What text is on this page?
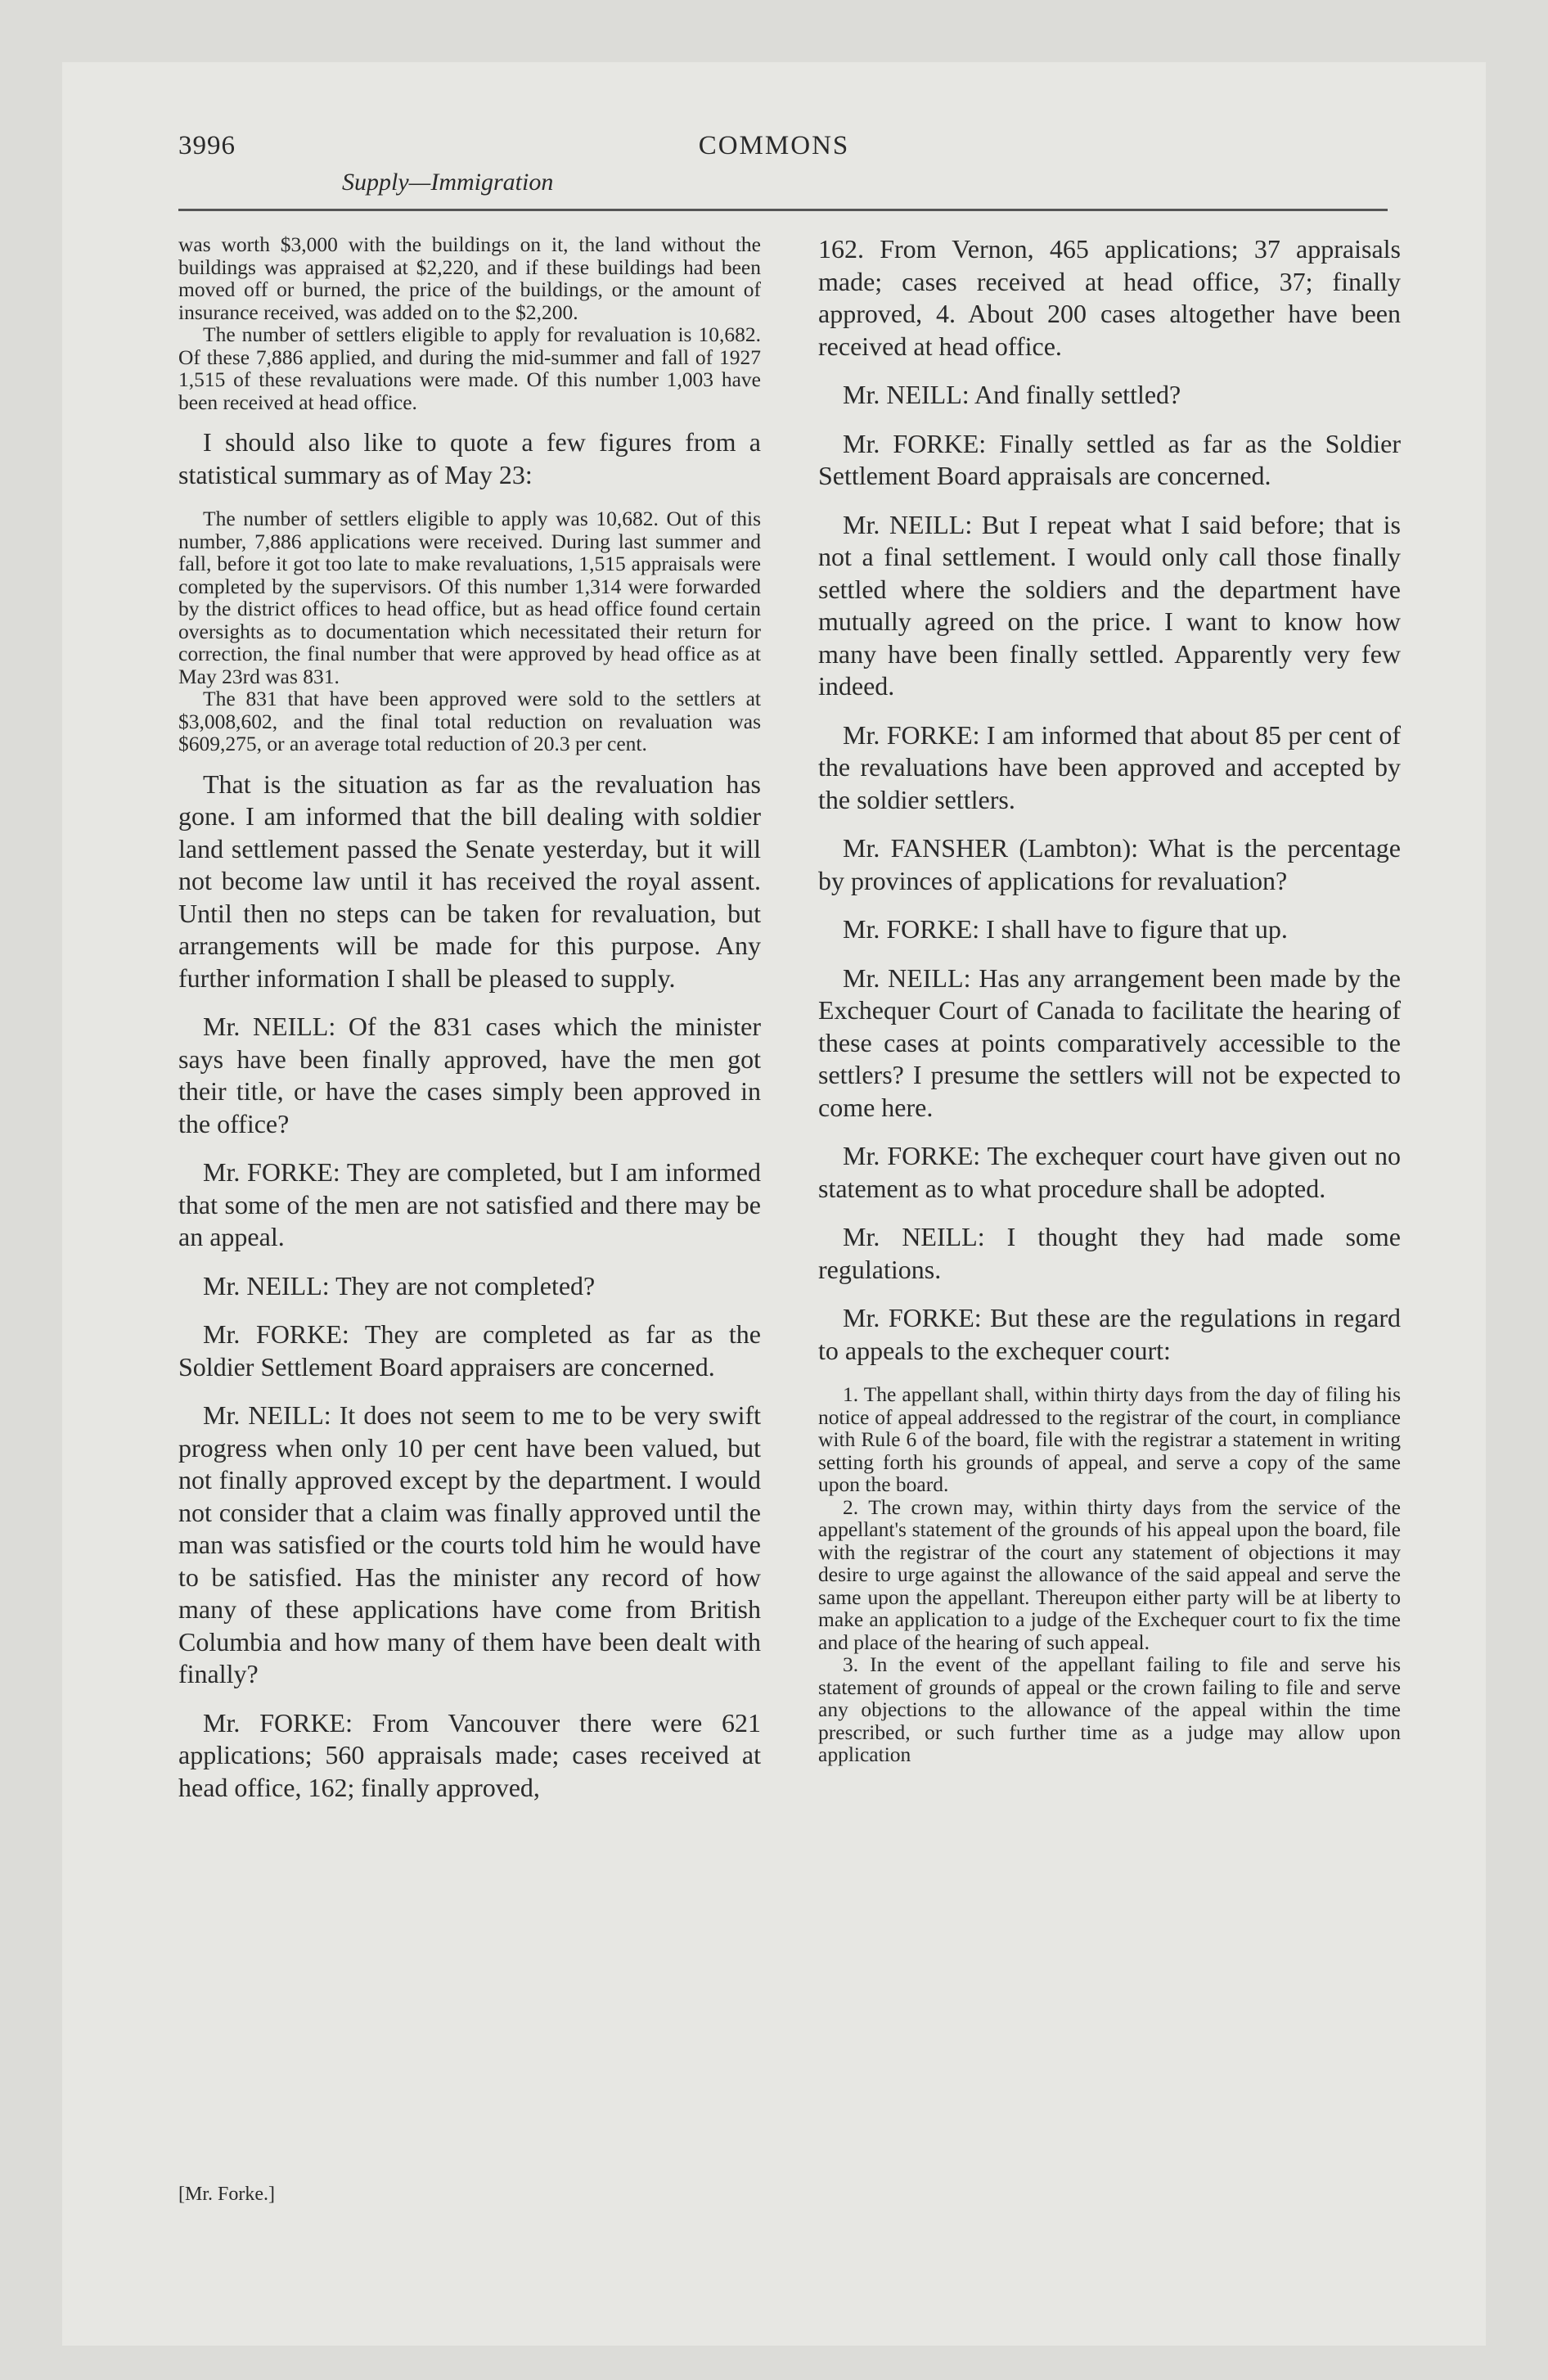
3996	COMMONS
Supply—Immigration

was worth $3,000 with the buildings on it, the land without the buildings was appraised at $2,220, and if these buildings had been moved off or burned, the price of the buildings, or the amount of insurance received, was added on to the $2,200.

The number of settlers eligible to apply for revaluation is 10,682. Of these 7,886 applied, and during the mid-summer and fall of 1927 1,515 of these revaluations were made. Of this number 1,003 have been received at head office.

I should also like to quote a few figures from a statistical summary as of May 23:

The number of settlers eligible to apply was 10,682. Out of this number, 7,886 applications were received. During last summer and fall, before it got too late to make revaluations, 1,515 appraisals were completed by the supervisors. Of this number 1,314 were forwarded by the district offices to head office, but as head office found certain oversights as to documentation which necessitated their return for correction, the final number that were approved by head office as at May 23rd was 831.

The 831 that have been approved were sold to the settlers at $3,008,602, and the final total reduction on revaluation was $609,275, or an average total reduction of 20.3 per cent.

That is the situation as far as the revaluation has gone. I am informed that the bill dealing with soldier land settlement passed the Senate yesterday, but it will not become law until it has received the royal assent. Until then no steps can be taken for revaluation, but arrangements will be made for this purpose. Any further information I shall be pleased to supply.

Mr. NEILL: Of the 831 cases which the minister says have been finally approved, have the men got their title, or have the cases simply been approved in the office?

Mr. FORKE: They are completed, but I am informed that some of the men are not satisfied and there may be an appeal.

Mr. NEILL: They are not completed?

Mr. FORKE: They are completed as far as the Soldier Settlement Board appraisers are concerned.

Mr. NEILL: It does not seem to me to be very swift progress when only 10 per cent have been valued, but not finally approved except by the department. I would not consider that a claim was finally approved until the man was satisfied or the courts told him he would have to be satisfied. Has the minister any record of how many of these applications have come from British Columbia and how many of them have been dealt with finally?

Mr. FORKE: From Vancouver there were 621 applications; 560 appraisals made; cases received at head office, 162; finally approved,

162. From Vernon, 465 applications; 37 appraisals made; cases received at head office, 37; finally approved, 4. About 200 cases altogether have been received at head office.

Mr. NEILL: And finally settled?

Mr. FORKE: Finally settled as far as the Soldier Settlement Board appraisals are concerned.

Mr. NEILL: But I repeat what I said before; that is not a final settlement. I would only call those finally settled where the soldiers and the department have mutually agreed on the price. I want to know how many have been finally settled. Apparently very few indeed.

Mr. FORKE: I am informed that about 85 per cent of the revaluations have been approved and accepted by the soldier settlers.

Mr. FANSHER (Lambton): What is the percentage by provinces of applications for revaluation?

Mr. FORKE: I shall have to figure that up.

Mr. NEILL: Has any arrangement been made by the Exchequer Court of Canada to facilitate the hearing of these cases at points comparatively accessible to the settlers? I presume the settlers will not be expected to come here.

Mr. FORKE: The exchequer court have given out no statement as to what procedure shall be adopted.

Mr. NEILL: I thought they had made some regulations.

Mr. FORKE: But these are the regulations in regard to appeals to the exchequer court:

1. The appellant shall, within thirty days from the day of filing his notice of appeal addressed to the registrar of the court, in compliance with Rule 6 of the board, file with the registrar a statement in writing setting forth his grounds of appeal, and serve a copy of the same upon the board.

2. The crown may, within thirty days from the service of the appellant's statement of the grounds of his appeal upon the board, file with the registrar of the court any statement of objections it may desire to urge against the allowance of the said appeal and serve the same upon the appellant. Thereupon either party will be at liberty to make an application to a judge of the Exchequer court to fix the time and place of the hearing of such appeal.

3. In the event of the appellant failing to file and serve his statement of grounds of appeal or the crown failing to file and serve any objections to the allowance of the appeal within the time prescribed, or such further time as a judge may allow upon application

[Mr. Forke.]
